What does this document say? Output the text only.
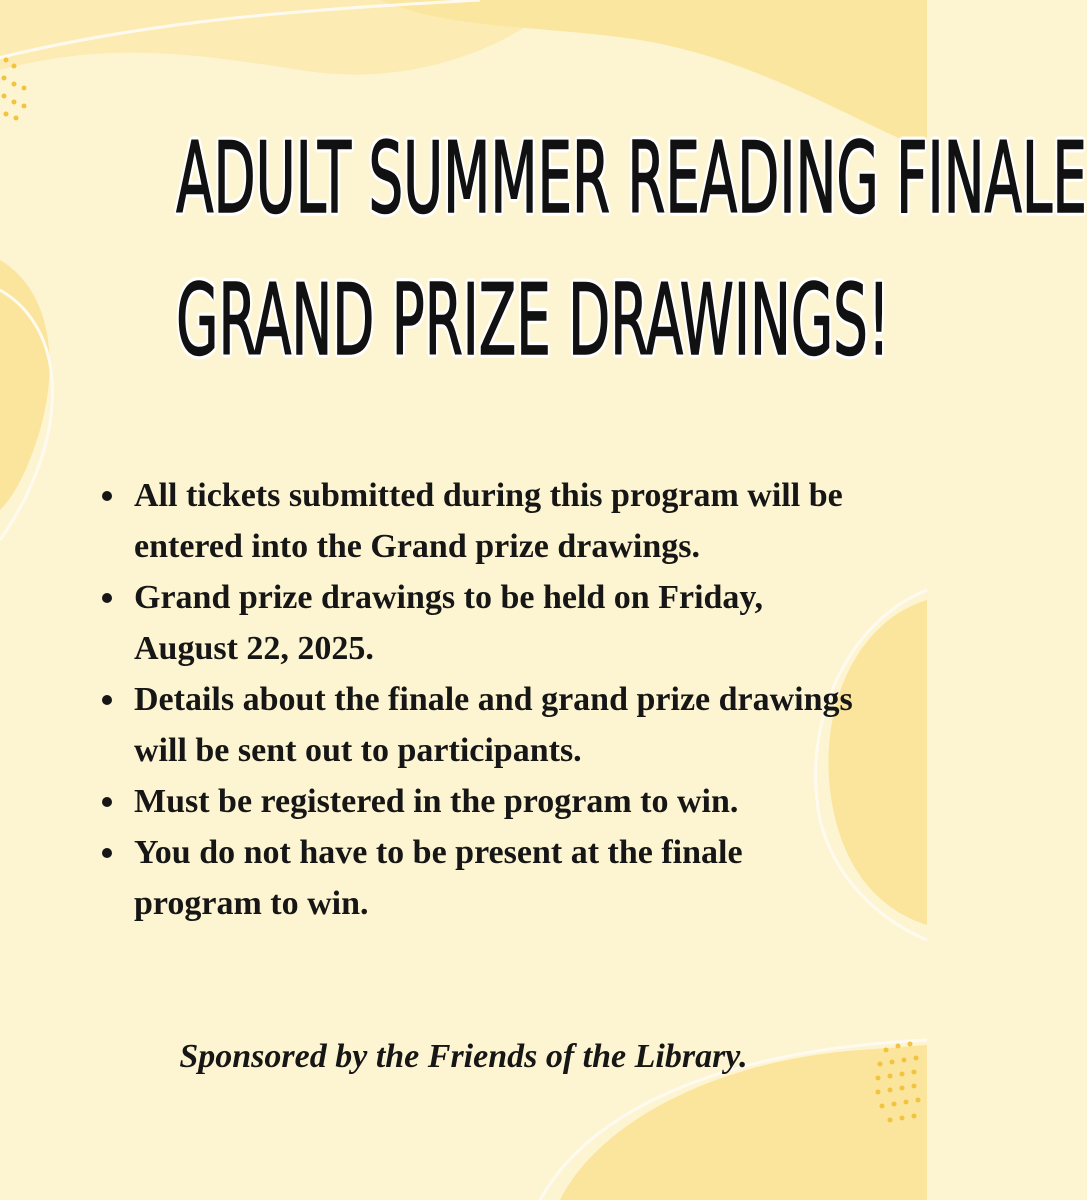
ADULT SUMMER READING FINALE
GRAND PRIZE DRAWINGS!
All tickets submitted during this program will be entered into the Grand prize drawings.
Grand prize drawings to be held on Friday, August 22, 2025.
Details about the finale and grand prize drawings will be sent out to participants.
Must be registered in the program to win.
You do not have to be present at the finale program to win.

Sponsored by the Friends of the Library.
